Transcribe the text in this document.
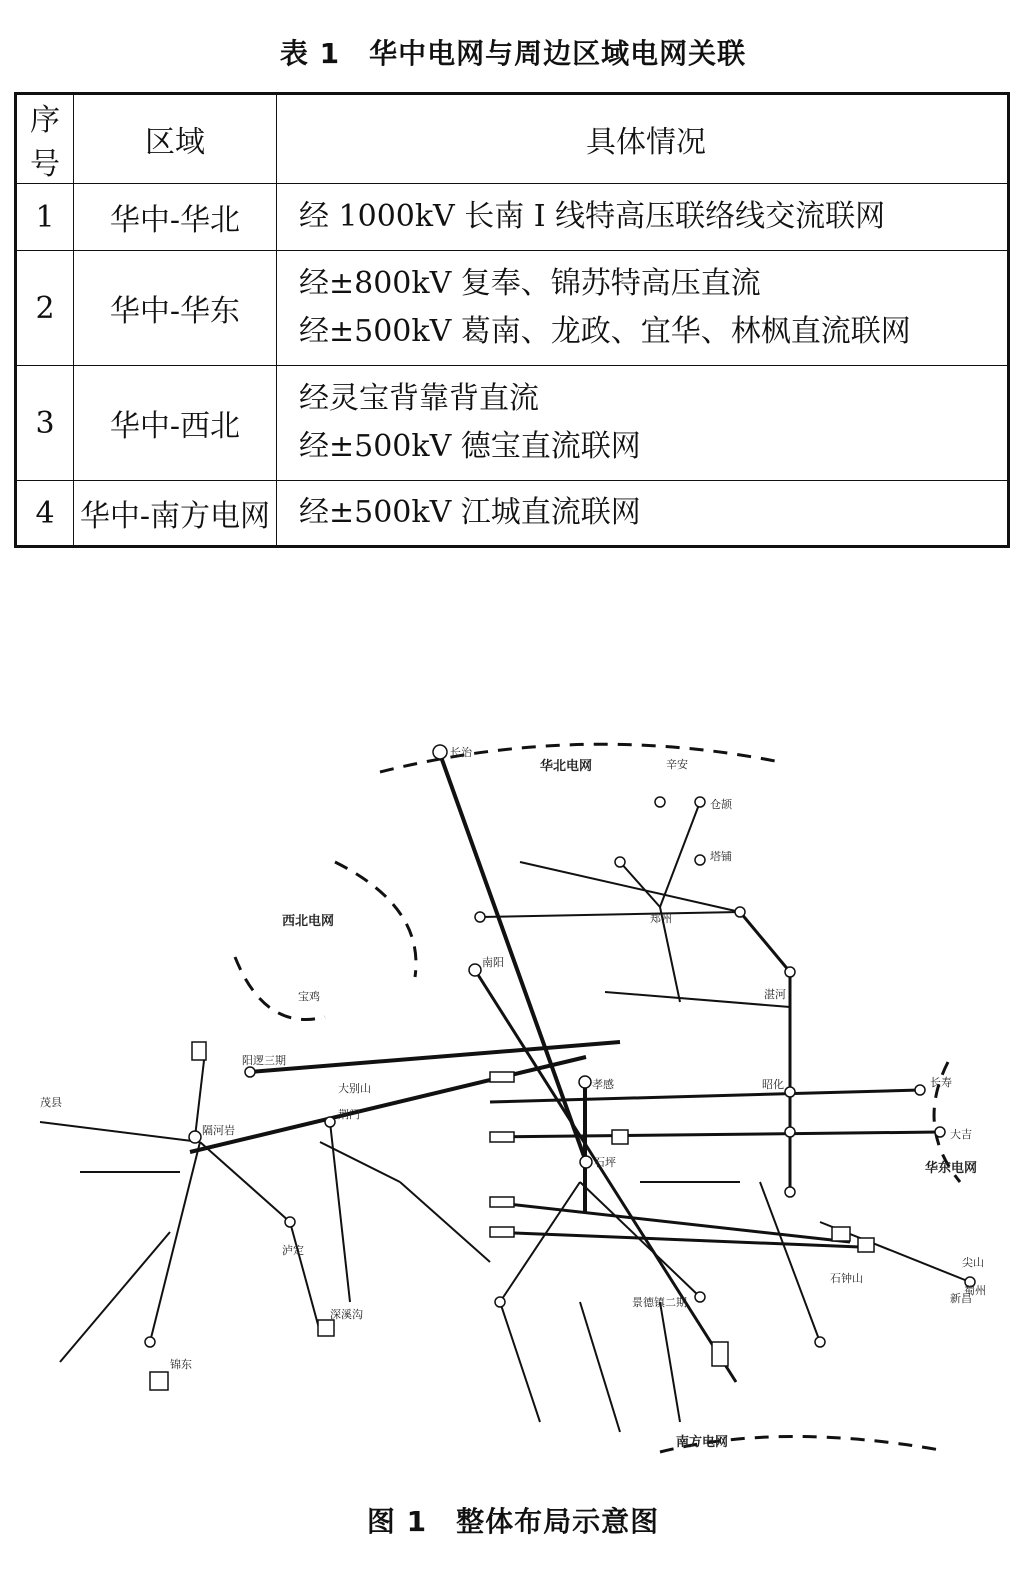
表 1　华中电网与周边区域电网关联
序号	区域	具体情况
1	华中-华北	经 1000kV 长南 I 线特高压联络线交流联网

2	华中-华东	经±800kV 复奉、锦苏特高压直流
经±500kV 葛南、龙政、宜华、林枫直流联网

3	华中-西北	经灵宝背靠背直流
经±500kV 德宝直流联网

4	华中-南方电网	经±500kV 江城直流联网
华北电网
西北电网
华东电网
南方电网
长治
辛安
塔铺
仓颉
郑州
南阳
孝感
石坪
昭化	长寿
大吉
尖山
蜀州
隔河岩
阳逻三期
大别山
荆门
泸定
深溪沟
锦东
景德镇二期
石钟山
湛河
新昌
茂县
宝鸡
图 1　整体布局示意图
